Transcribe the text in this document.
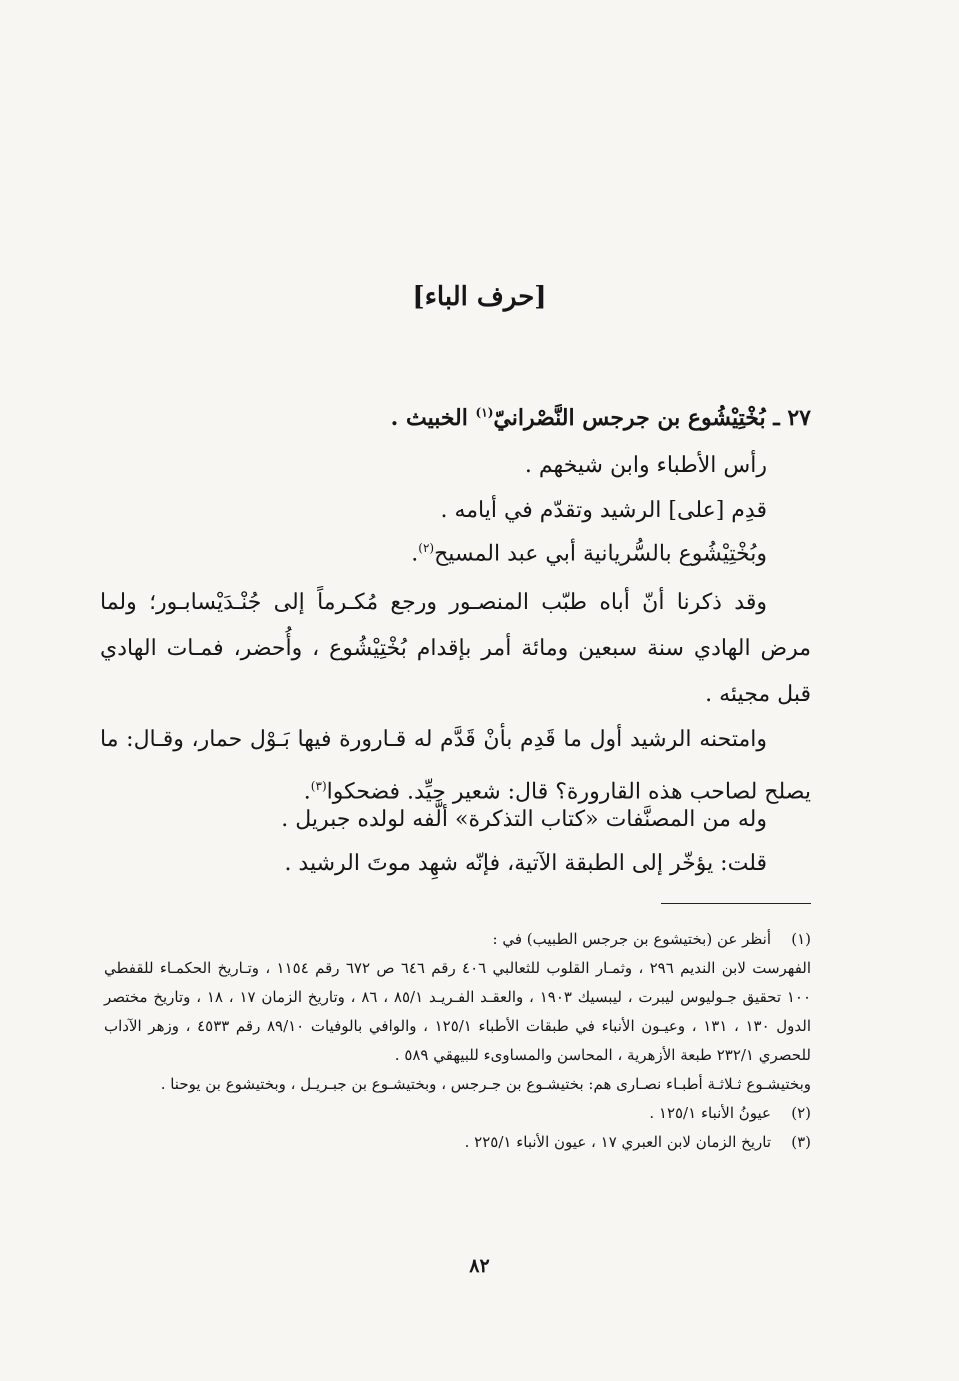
[حرف الباء]
٢٧ ـ بُخْتِيْشُوع بن جرجس النَّصْرانيّ$^{(١)}$ الخبيث .
رأس الأطباء وابن شيخهم .
قدِم [على] الرشيد وتقدّم في أيامه .
وبُخْتِيْشُوع بالسُّريانية أبي عبد المسيح$^{(٢)}$.
وقد ذكرنا أنّ أباه طبّب المنصـور ورجع مُكـرماً إلى جُنْـدَيْسابـور؛ ولما مرض الهادي سنة سبعين ومائة أمر بإقدام بُخْتِيْشُوع ، وأُحضر، فمـات الهادي قبل مجيئه .
وامتحنه الرشيد أول ما قَدِم بأنْ قَدَّم له قـارورة فيها بَـوْل حمار، وقـال: ما يصلح لصاحب هذه القارورة؟ قال: شعير جيِّد. فضحكوا$^{(٣)}$.
وله من المصنَّفات «كتاب التذكرة» ألَّفه لولده جبريل .
قلت: يؤخّر إلى الطبقة الآتية، فإنّه شهِد موتَ الرشيد .
(١)
أنظر عن (بختيشوع بن جرجس الطبيب) في :
الفهرست لابن النديم ٢٩٦ ، وثمـار القلوب للثعالبي ٤٠٦ رقم ٦٤٦ ص ٦٧٢ رقم ١١٥٤ ، وتـاريخ الحكمـاء للقفطي ١٠٠ تحقيق جـوليوس ليبرت ، ليبسيك ١٩٠٣ ، والعقـد الفـريـد ٨٥/١ ، ٨٦ ، وتاريخ الزمان ١٧ ، ١٨ ، وتاريخ مختصر الدول ١٣٠ ، ١٣١ ، وعيـون الأنباء في طبقات الأطباء ١٢٥/١ ، والوافي بالوفيات ٨٩/١٠ رقم ٤٥٣٣ ، وزهر الآداب للحصري ٢٣٢/١ طبعة الأزهرية ، المحاسن والمساوىء للبيهقي ٥٨٩ .
وبختيشـوع ثـلاثـة أطبـاء نصـارى هم: بختيشـوع بن جـرجس ، وبختيشـوع بن جبـريـل ، وبختيشوع بن يوحنا .
(٢)
عيونُ الأنباء ١٢٥/١ .
(٣)
تاريخ الزمان لابن العبري ١٧ ، عيون الأنباء ٢٢٥/١ .
٨٢
